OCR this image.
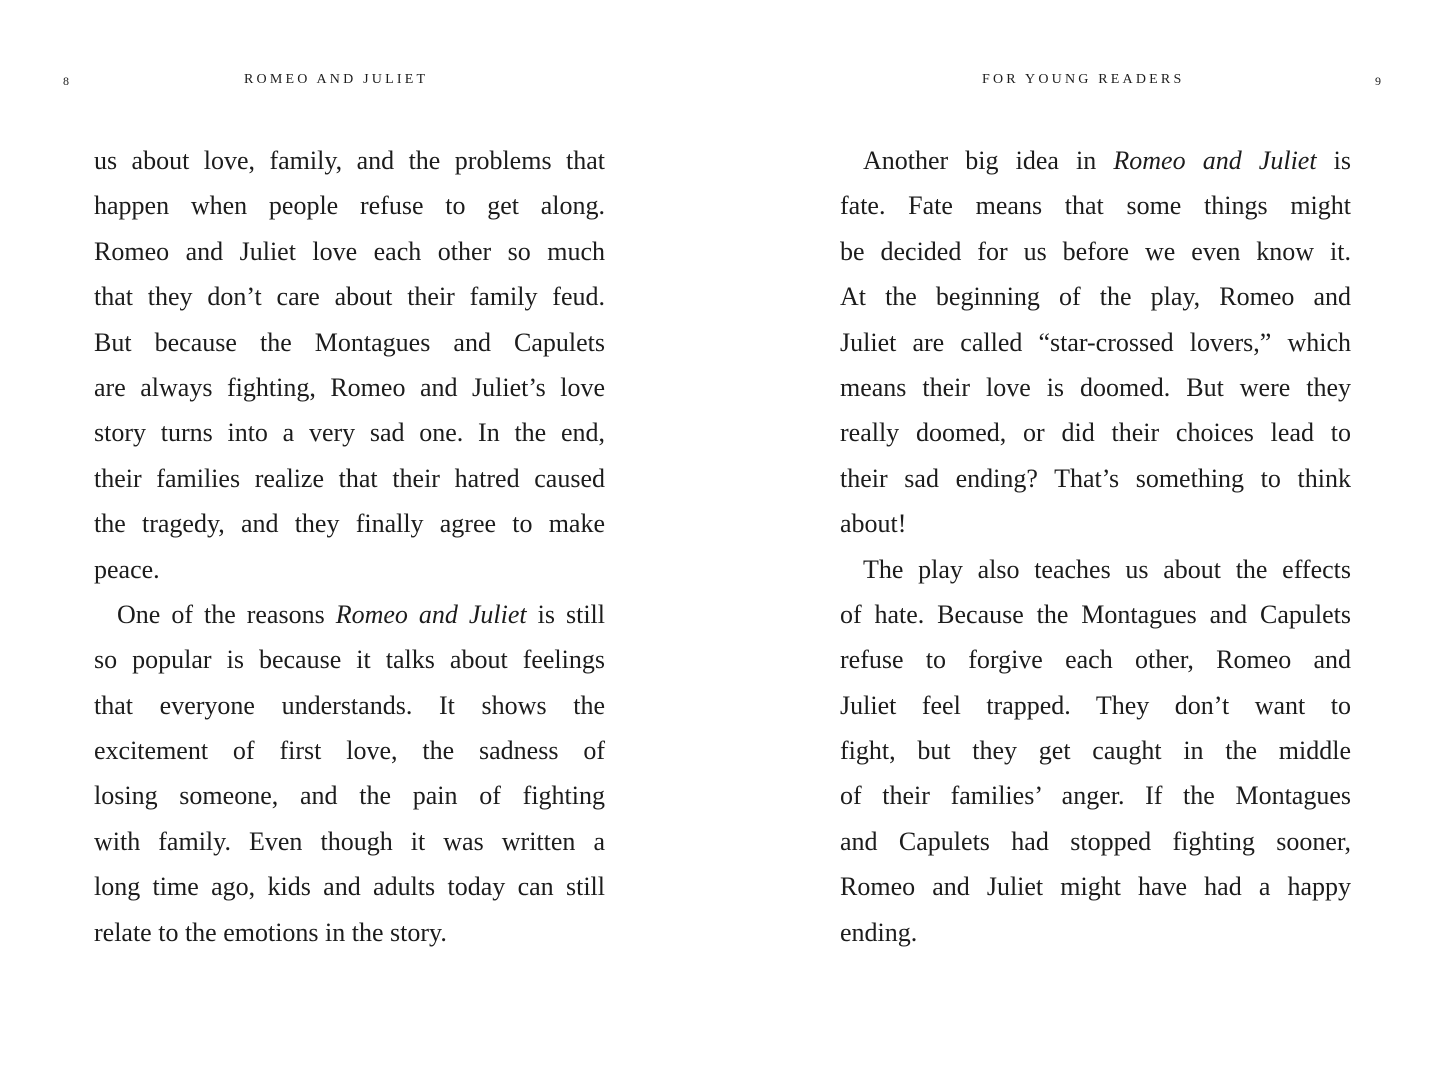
8	ROMEO AND JULIET
us about love, family, and the problems that
happen when people refuse to get along.
Romeo and Juliet love each other so much
that they don’t care about their family feud.
But because the Montagues and Capulets
are always fighting, Romeo and Juliet’s love
story turns into a very sad one. In the end,
their families realize that their hatred caused
the tragedy, and they finally agree to make
peace.
One of the reasons Romeo and Juliet is still
so popular is because it talks about feelings
that everyone understands. It shows the
excitement of first love, the sadness of
losing someone, and the pain of fighting
with family. Even though it was written a
long time ago, kids and adults today can still
relate to the emotions in the story.
9
FOR YOUNG READERS
Another big idea in Romeo and Juliet is
fate. Fate means that some things might
be decided for us before we even know it.
At the beginning of the play, Romeo and
Juliet are called “star-crossed lovers,” which
means their love is doomed. But were they
really doomed, or did their choices lead to
their sad ending? That’s something to think
about!
The play also teaches us about the effects
of hate. Because the Montagues and Capulets
refuse to forgive each other, Romeo and
Juliet feel trapped. They don’t want to
fight, but they get caught in the middle
of their families’ anger. If the Montagues
and Capulets had stopped fighting sooner,
Romeo and Juliet might have had a happy
ending.
